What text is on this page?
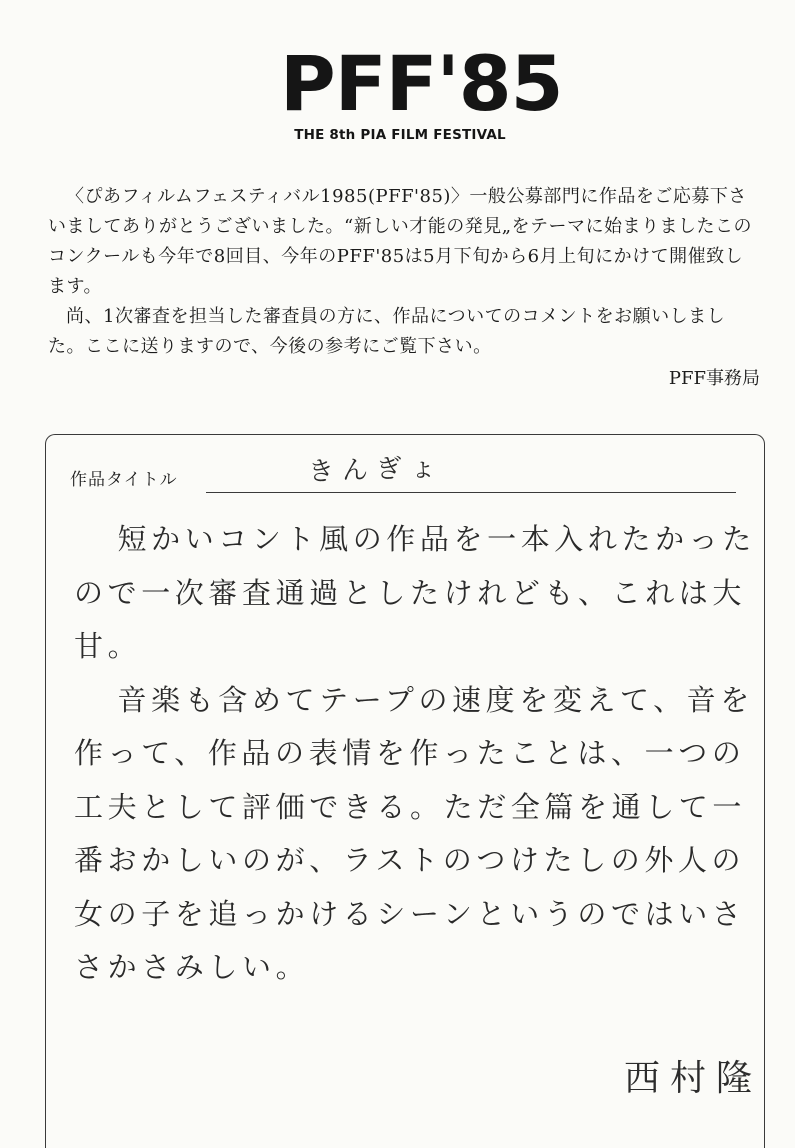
PFF'85
THE 8th PIA FILM FESTIVAL

〈ぴあフィルムフェスティバル1985(PFF'85)〉一般公募部門に作品をご応募下さいましてありがとうございました。“新しい才能の発見„をテーマに始まりましたこのコンクールも今年で8回目、今年のPFF'85は5月下旬から6月上旬にかけて開催致します。

尚、1次審査を担当した審査員の方に、作品についてのコメントをお願いしました。ここに送りますので、今後の参考にご覧下さい。

PFF事務局
作品タイトル	きんぎょ

短かいコント風の作品を一本入れたかったので一次審査通過としたけれども、これは大甘。

音楽も含めてテープの速度を変えて、音を作って、作品の表情を作ったことは、一つの工夫として評価できる。ただ全篇を通して一番おかしいのが、ラストのつけたしの外人の女の子を追っかけるシーンというのではいささかさみしい。

西村隆
